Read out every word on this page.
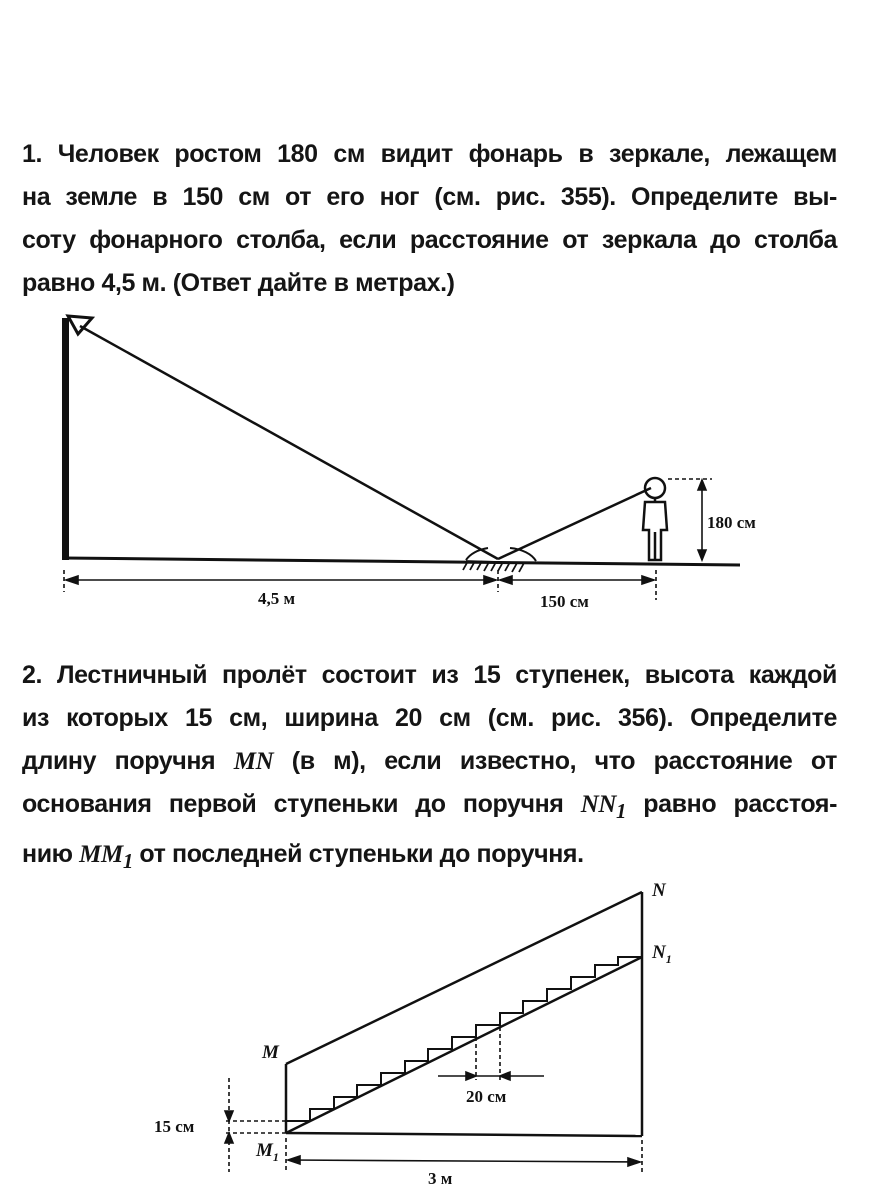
1. Человек ростом 180 см видит фонарь в зеркале, лежащем
на земле в 150 см от его ног (см. рис. 355). Определите вы-
соту фонарного столба, если расстояние от зеркала до столба
равно 4,5 м. (Ответ дайте в метрах.)

180 см
4,5 м	150 см

2. Лестничный пролёт состоит из 15 ступенек, высота каждой
из которых 15 см, ширина 20 см (см. рис. 356). Определите
длину поручня MN (в м), если известно, что расстояние от
основания первой ступеньки до поручня $NN_1$ равно расстоя-
нию $MM_1$ от последней ступеньки до поручня.

20 см
15 см
3 м
M
N
$N_1$
$M_1$
